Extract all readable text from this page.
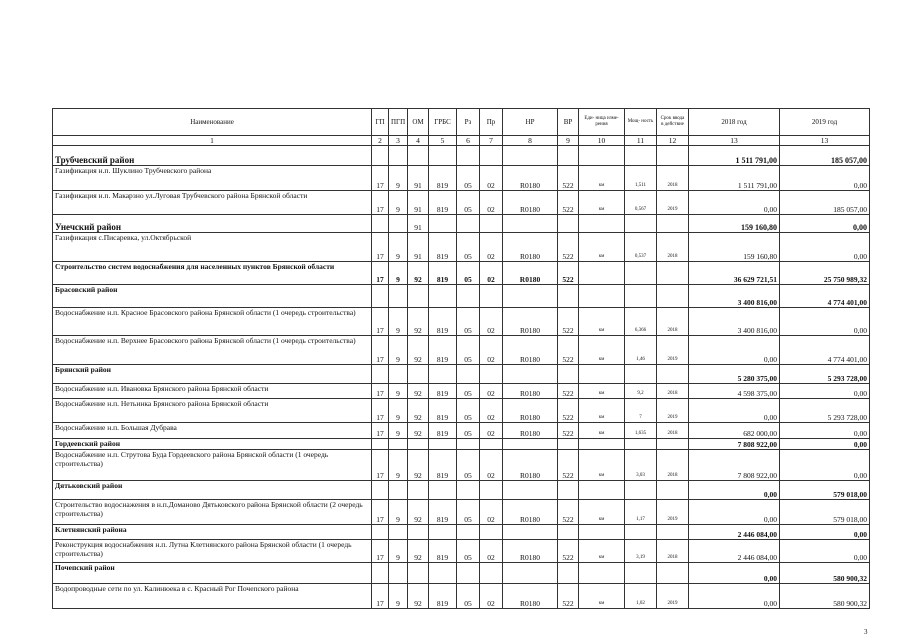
Наименование	ГП	ПГП	ОМ	ГРБС	Рз	Пр	НР	ВР	Еди- ница изме- рения	Мощ- ность	Срок ввода в действие	2018 год	2019 год
1	2	3	4	5	6	7	8	9	10	11	12	13	13
Трубчевский район												1 511 791,00	185 057,00
Газификация н.п. Шуклино Трубчевского района	17	9	91	819	05	02	R0180	522	км	1,511	2018	1 511 791,00	0,00
Газификация н.п. Макарзно ул.Луговая Трубчевского района Брянской области	17	9	91	819	05	02	R0180	522	км	0,567	2019	0,00	185 057,00
Унечский район			91									159 160,80	0,00
Газификация с.Писаревка, ул.Октябрьской	17	9	91	819	05	02	R0180	522	км	0,537	2018	159 160,80	0,00
Строительство систем водоснабжения для населенных пунктов Брянской области	17	9	92	819	05	02	R0180	522				36 629 721,51	25 750 989,32
Брасовский район												3 400 816,00	4 774 401,00
Водоснабжение н.п. Красное Брасовского района Брянской области (1 очередь строительства)	17	9	92	819	05	02	R0180	522	км	6,366	2018	3 400 816,00	0,00
Водоснабжение н.п. Верхнее Брасовского района Брянской области (1 очередь строительства)	17	9	92	819	05	02	R0180	522	км	1,46	2019	0,00	4 774 401,00
Брянский район												5 280 375,00	5 293 728,00
Водоснабжение н.п. Ивановка Брянского района Брянской области	17	9	92	819	05	02	R0180	522	км	9,2	2018	4 598 375,00	0,00
Водоснабжение н.п. Нетьинка Брянского района Брянской области	17	9	92	819	05	02	R0180	522	км	7	2019	0,00	5 293 728,00
Водоснабжение н.п. Большая Дубрава	17	9	92	819	05	02	R0180	522	км	1,635	2018	682 000,00	0,00
Гордеевский район												7 808 922,00	0,00
Водоснабжение н.п. Струтова Буда Гордеевского района Брянской области (1 очередь строительства)	17	9	92	819	05	02	R0180	522	км	3,03	2018	7 808 922,00	0,00
Дятьковский район												0,00	579 018,00
Строительство водоснажения в н.п.Доманово Дятьковского района Брянской области (2 очередь строительства)	17	9	92	819	05	02	R0180	522	км	1,17	2019	0,00	579 018,00
Клетнянский района												2 446 084,00	0,00
Реконструкция водоснабжения н.п. Лутна Клетнянского района Брянской области (1 очередь строительства)	17	9	92	819	05	02	R0180	522	км	3,19	2018	2 446 084,00	0,00
Почепский район												0,00	580 900,32
Водопроводные сети по ул. Калинюека в с. Красный Рог Почепского района	17	9	92	819	05	02	R0180	522	км	1,02	2019	0,00	580 900,32
3
